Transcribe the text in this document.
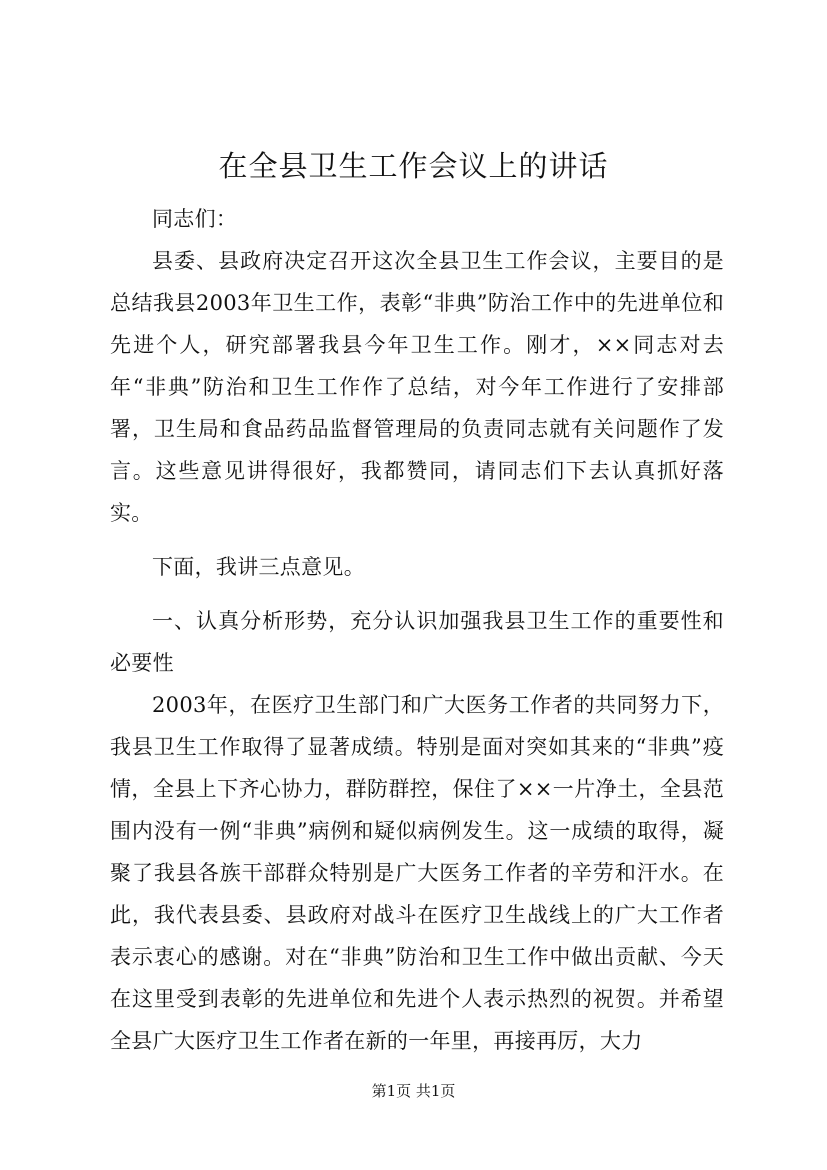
在全县卫生工作会议上的讲话

同志们：

县委、县政府决定召开这次全县卫生工作会议，主要目的是总结我县2003年卫生工作，表彰“非典”防治工作中的先进单位和先进个人，研究部署我县今年卫生工作。刚才，××同志对去年“非典”防治和卫生工作作了总结，对今年工作进行了安排部署，卫生局和食品药品监督管理局的负责同志就有关问题作了发言。这些意见讲得很好，我都赞同，请同志们下去认真抓好落实。

下面，我讲三点意见。

一、认真分析形势，充分认识加强我县卫生工作的重要性和必要性

2003年，在医疗卫生部门和广大医务工作者的共同努力下，我县卫生工作取得了显著成绩。特别是面对突如其来的“非典”疫情，全县上下齐心协力，群防群控，保住了××一片净土，全县范围内没有一例“非典”病例和疑似病例发生。这一成绩的取得，凝聚了我县各族干部群众特别是广大医务工作者的辛劳和汗水。在此，我代表县委、县政府对战斗在医疗卫生战线上的广大工作者表示衷心的感谢。对在“非典”防治和卫生工作中做出贡献、今天在这里受到表彰的先进单位和先进个人表示热烈的祝贺。并希望全县广大医疗卫生工作者在新的一年里，再接再厉，大力

第1页 共1页
